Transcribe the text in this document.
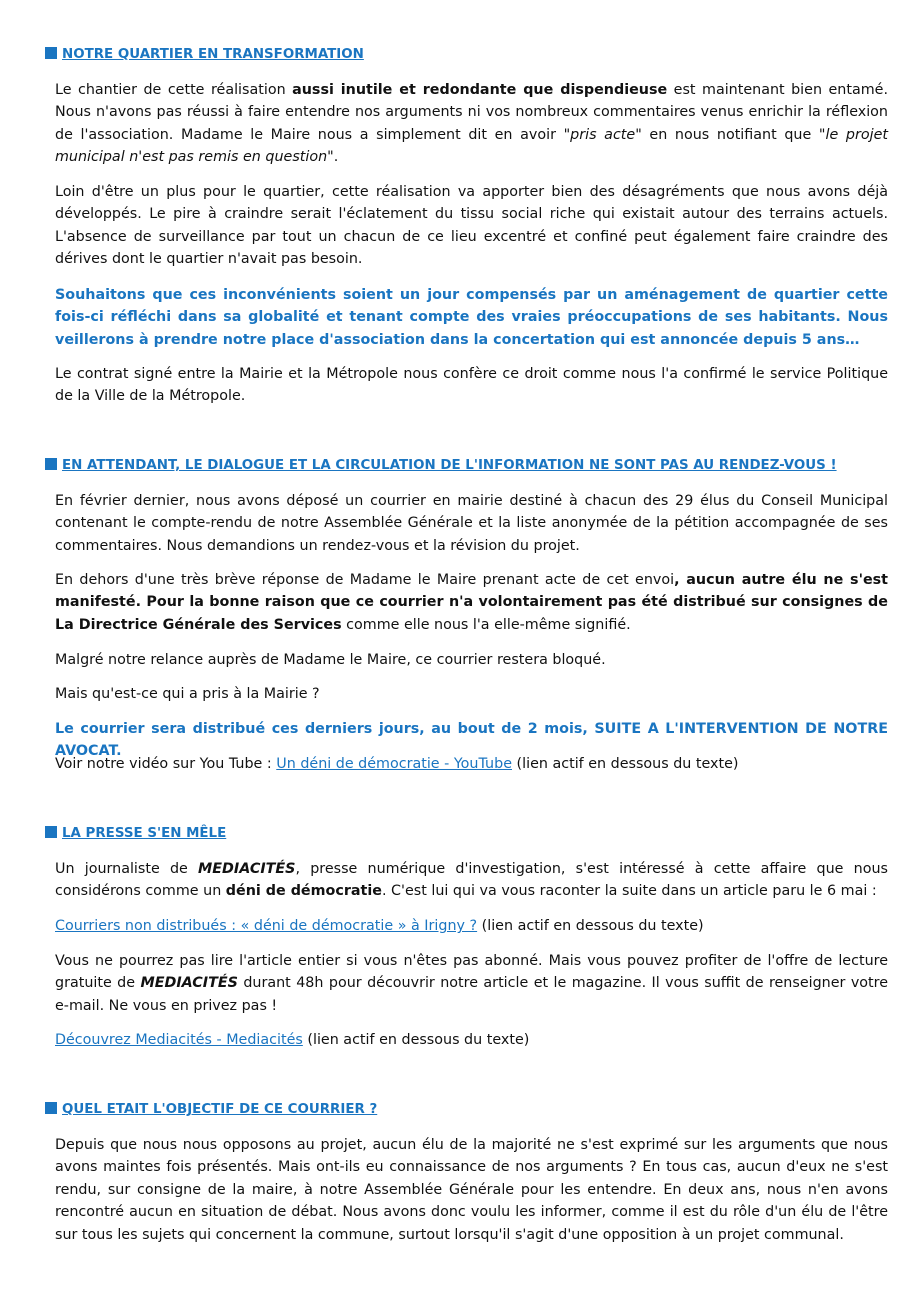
NOTRE QUARTIER EN TRANSFORMATION

Le chantier de cette réalisation aussi inutile et redondante que dispendieuse est maintenant bien entamé. Nous n'avons pas réussi à faire entendre nos arguments ni vos nombreux commentaires venus enrichir la réflexion de l'association. Madame le Maire nous a simplement dit en avoir "pris acte" en nous notifiant que "le projet municipal n'est pas remis en question".

Loin d'être un plus pour le quartier, cette réalisation va apporter bien des désagréments que nous avons déjà développés. Le pire à craindre serait l'éclatement du tissu social riche qui existait autour des terrains actuels. L'absence de surveillance par tout un chacun de ce lieu excentré et confiné peut également faire craindre des dérives dont le quartier n'avait pas besoin.

Souhaitons que ces inconvénients soient un jour compensés par un aménagement de quartier cette fois-ci réfléchi dans sa globalité et tenant compte des vraies préoccupations de ses habitants. Nous veillerons à prendre notre place d'association dans la concertation qui est annoncée depuis 5 ans…

Le contrat signé entre la Mairie et la Métropole nous confère ce droit comme nous l'a confirmé le service Politique de la Ville de la Métropole.

EN ATTENDANT, LE DIALOGUE ET LA CIRCULATION DE L'INFORMATION NE SONT PAS AU RENDEZ-VOUS !

En février dernier, nous avons déposé un courrier en mairie destiné à chacun des 29 élus du Conseil Municipal contenant le compte-rendu de notre Assemblée Générale et la liste anonymée de la pétition accompagnée de ses commentaires. Nous demandions un rendez-vous et la révision du projet.

En dehors d'une très brève réponse de Madame le Maire prenant acte de cet envoi, aucun autre élu ne s'est manifesté. Pour la bonne raison que ce courrier n'a volontairement pas été distribué sur consignes de La Directrice Générale des Services comme elle nous l'a elle-même signifié.

Malgré notre relance auprès de Madame le Maire, ce courrier restera bloqué.

Mais qu'est-ce qui a pris à la Mairie ?

Le courrier sera distribué ces derniers jours, au bout de 2 mois, SUITE A L'INTERVENTION DE NOTRE AVOCAT.

Voir notre vidéo sur You Tube : Un déni de démocratie - YouTube (lien actif en dessous du texte)

LA PRESSE S'EN MÊLE

Un journaliste de MEDIACITÉS, presse numérique d'investigation, s'est intéressé à cette affaire que nous considérons comme un déni de démocratie. C'est lui qui va vous raconter la suite dans un article paru le 6 mai :

Courriers non distribués : « déni de démocratie » à Irigny ? (lien actif en dessous du texte)

Vous ne pourrez pas lire l'article entier si vous n'êtes pas abonné. Mais vous pouvez profiter de l'offre de lecture gratuite de MEDIACITÉS durant 48h pour découvrir notre article et le magazine. Il vous suffit de renseigner votre e-mail. Ne vous en privez pas !

Découvrez Mediacités - Mediacités (lien actif en dessous du texte)

QUEL ETAIT L'OBJECTIF DE CE COURRIER ?

Depuis que nous nous opposons au projet, aucun élu de la majorité ne s'est exprimé sur les arguments que nous avons maintes fois présentés. Mais ont-ils eu connaissance de nos arguments ? En tous cas, aucun d'eux ne s'est rendu, sur consigne de la maire, à notre Assemblée Générale pour les entendre. En deux ans, nous n'en avons rencontré aucun en situation de débat. Nous avons donc voulu les informer, comme il est du rôle d'un élu de l'être sur tous les sujets qui concernent la commune, surtout lorsqu'il s'agit d'une opposition à un projet communal.
